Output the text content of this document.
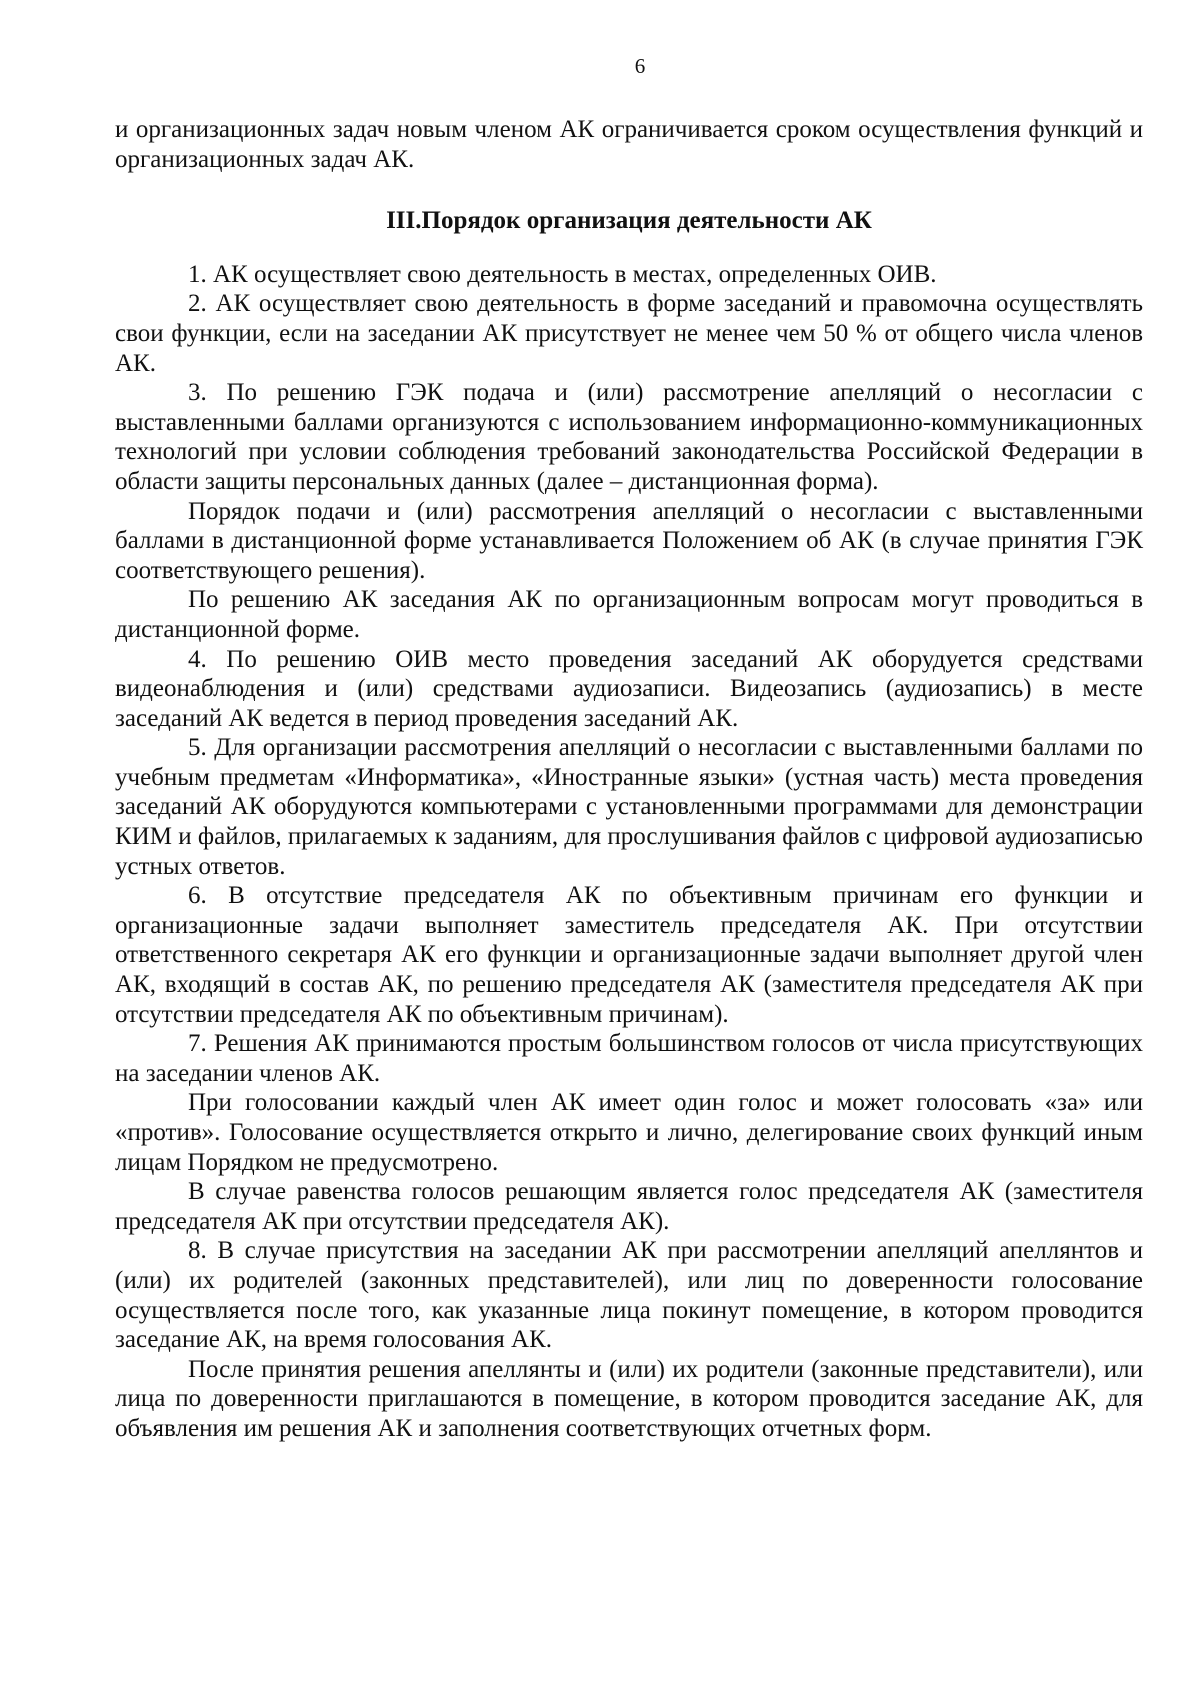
6

и организационных задач новым членом АК ограничивается сроком осуществления функций и организационных задач АК.

III.Порядок организация деятельности АК

1. АК осуществляет свою деятельность в местах, определенных ОИВ.

2. АК осуществляет свою деятельность в форме заседаний и правомочна осуществлять свои функции, если на заседании АК присутствует не менее чем 50 % от общего числа членов АК.

3. По решению ГЭК подача и (или) рассмотрение апелляций о несогласии с выставленными баллами организуются с использованием информационно-коммуникационных технологий при условии соблюдения требований законодательства Российской Федерации в области защиты персональных данных (далее – дистанционная форма).

Порядок подачи и (или) рассмотрения апелляций о несогласии с выставленными баллами в дистанционной форме устанавливается Положением об АК (в случае принятия ГЭК соответствующего решения).

По решению АК заседания АК по организационным вопросам могут проводиться в дистанционной форме.

4. По решению ОИВ место проведения заседаний АК оборудуется средствами видеонаблюдения и (или) средствами аудиозаписи. Видеозапись (аудиозапись) в месте заседаний АК ведется в период проведения заседаний АК.

5. Для организации рассмотрения апелляций о несогласии с выставленными баллами по учебным предметам «Информатика», «Иностранные языки» (устная часть) места проведения заседаний АК оборудуются компьютерами с установленными программами для демонстрации КИМ и файлов, прилагаемых к заданиям, для прослушивания файлов с цифровой аудиозаписью устных ответов.

6. В отсутствие председателя АК по объективным причинам его функции и организационные задачи выполняет заместитель председателя АК. При отсутствии ответственного секретаря АК его функции и организационные задачи выполняет другой член АК, входящий в состав АК, по решению председателя АК (заместителя председателя АК при отсутствии председателя АК по объективным причинам).

7. Решения АК принимаются простым большинством голосов от числа присутствующих на заседании членов АК.

При голосовании каждый член АК имеет один голос и может голосовать «за» или «против». Голосование осуществляется открыто и лично, делегирование своих функций иным лицам Порядком не предусмотрено.

В случае равенства голосов решающим является голос председателя АК (заместителя председателя АК при отсутствии председателя АК).

8. В случае присутствия на заседании АК при рассмотрении апелляций апеллянтов и (или) их родителей (законных представителей), или лиц по доверенности голосование осуществляется после того, как указанные лица покинут помещение, в котором проводится заседание АК, на время голосования АК.

После принятия решения апеллянты и (или) их родители (законные представители), или лица по доверенности приглашаются в помещение, в котором проводится заседание АК, для объявления им решения АК и заполнения соответствующих отчетных форм.
